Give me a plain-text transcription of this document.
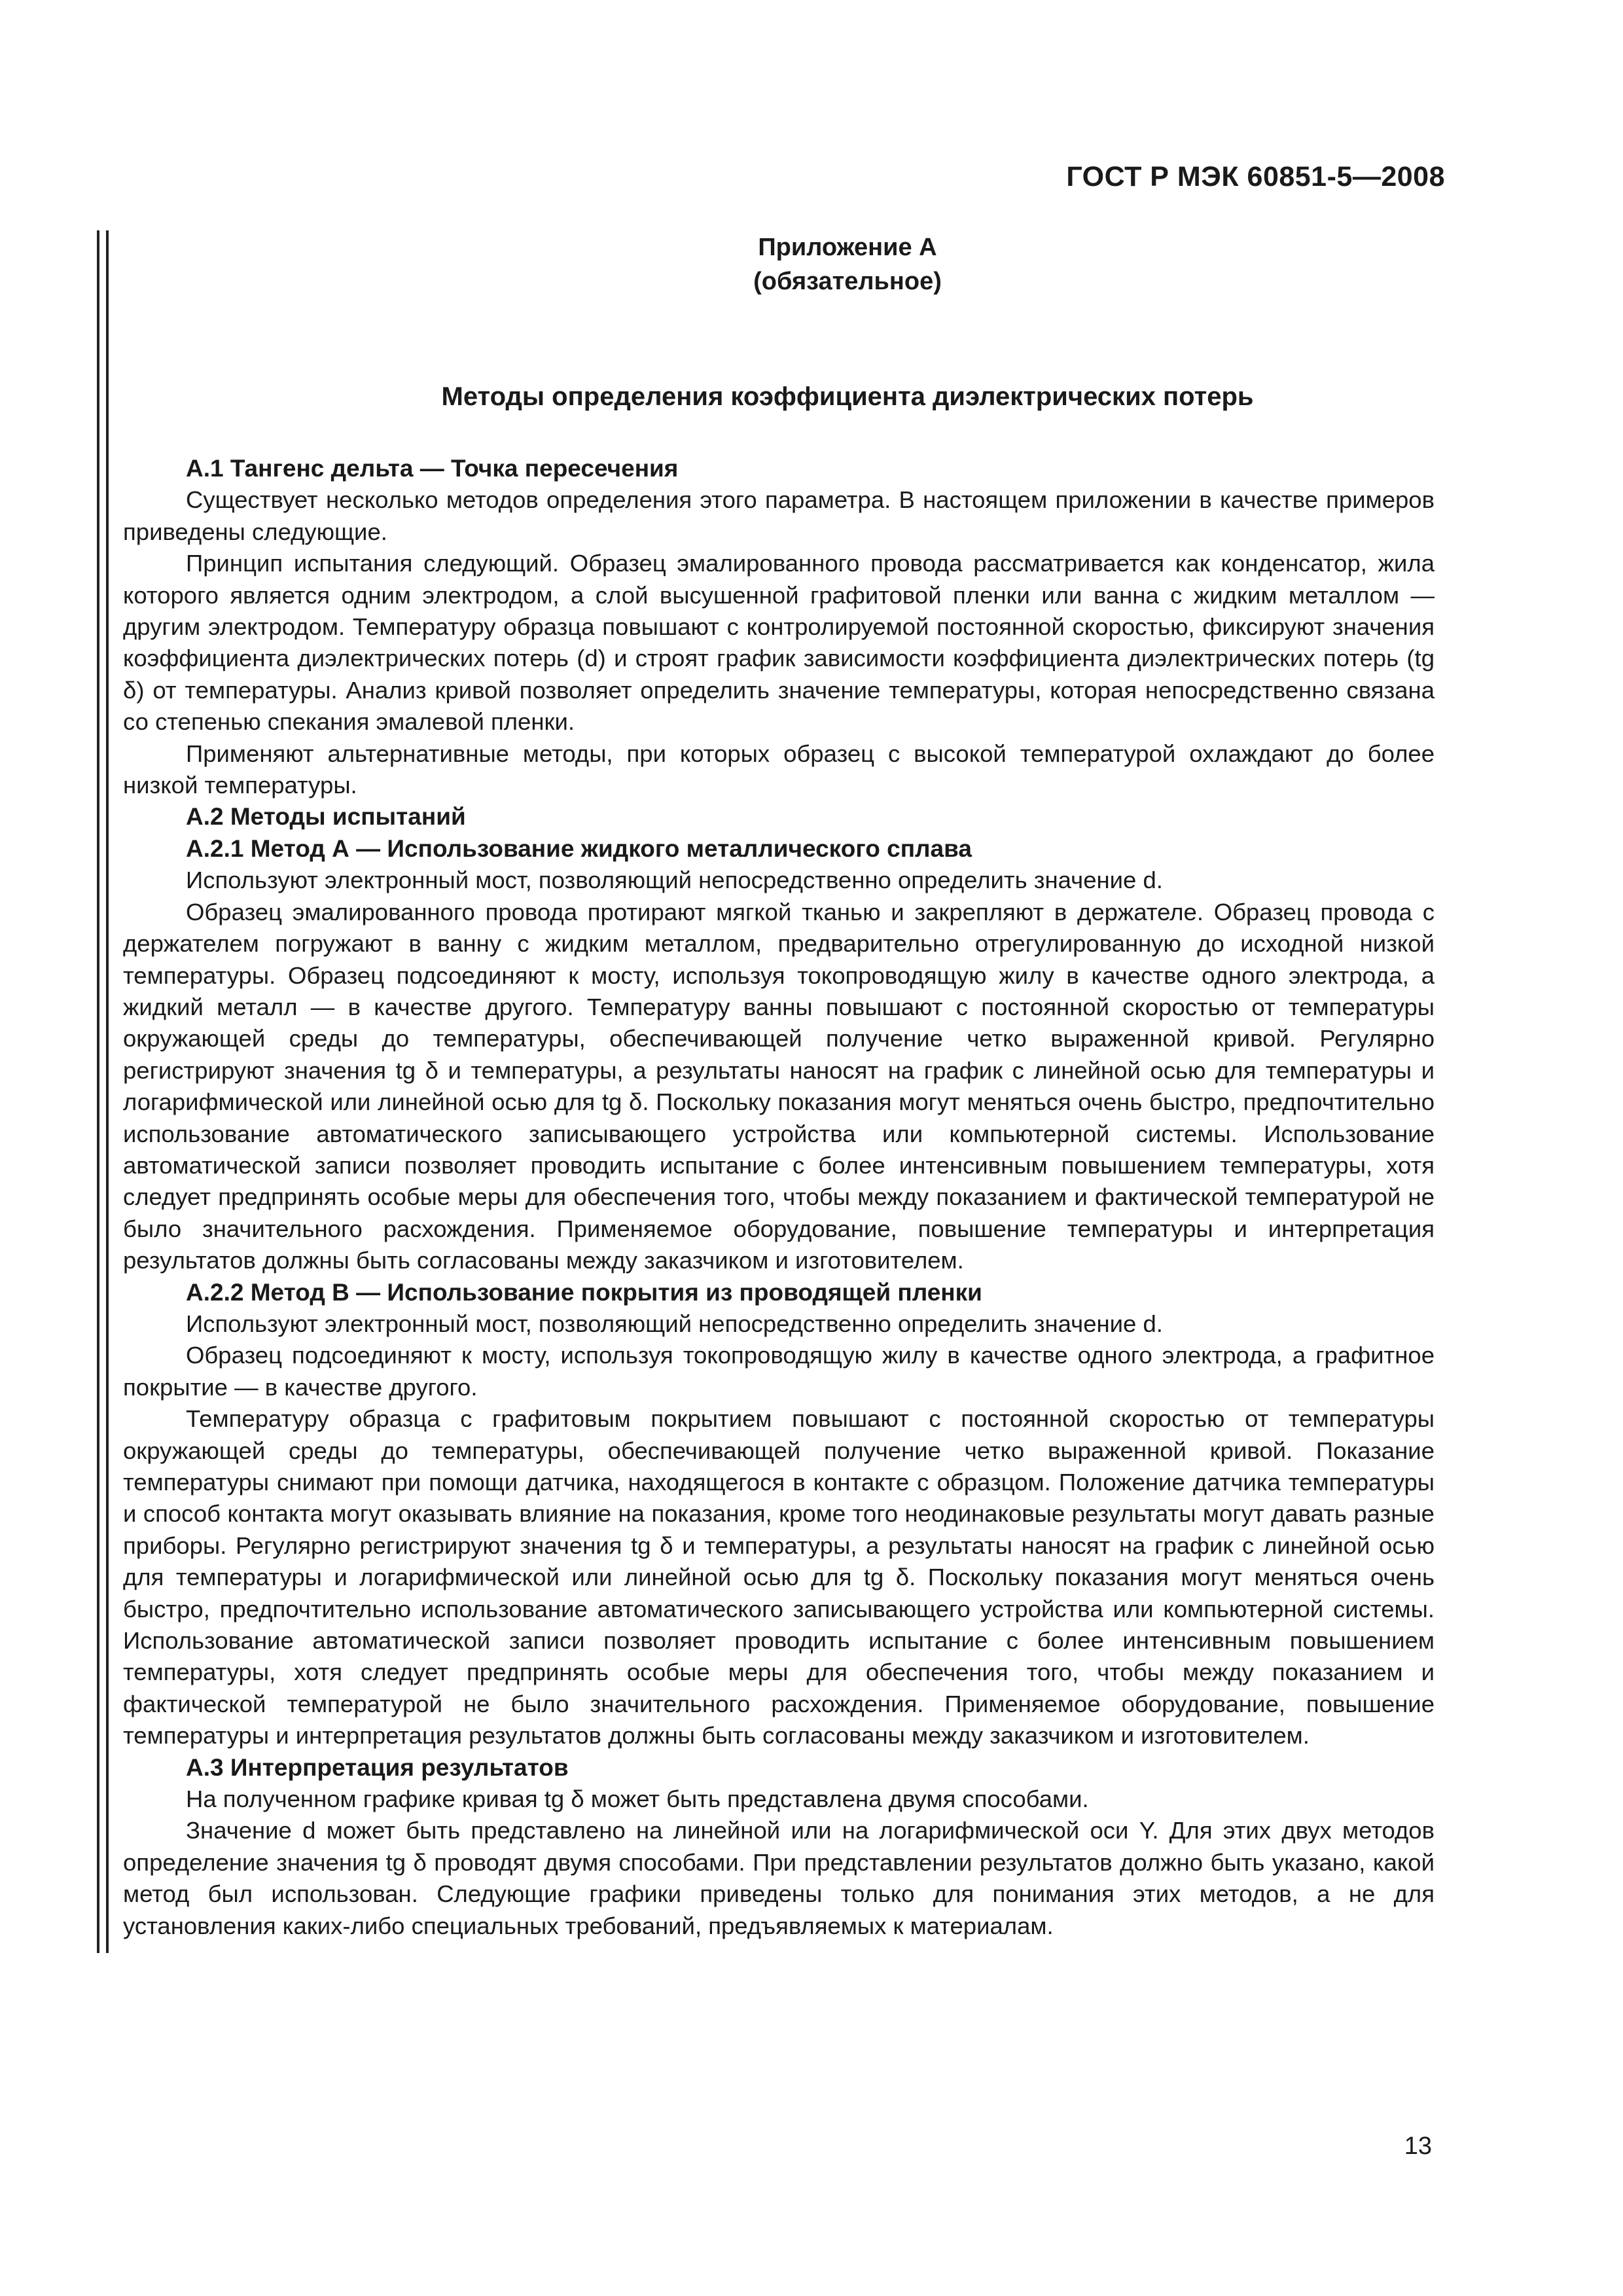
ГОСТ Р МЭК 60851-5—2008
Приложение А
(обязательное)
Методы определения коэффициента диэлектрических потерь
А.1 Тангенс дельта — Точка пересечения

Существует несколько методов определения этого параметра. В настоящем приложении в качестве примеров приведены следующие.

Принцип испытания следующий. Образец эмалированного провода рассматривается как конденсатор, жила которого является одним электродом, а слой высушенной графитовой пленки или ванна с жидким металлом — другим электродом. Температуру образца повышают с контролируемой постоянной скоростью, фиксируют значения коэффициента диэлектрических потерь (d) и строят график зависимости коэффициента диэлектрических потерь (tg δ) от температуры. Анализ кривой позволяет определить значение температуры, которая непосредственно связана со степенью спекания эмалевой пленки.

Применяют альтернативные методы, при которых образец с высокой температурой охлаждают до более низкой температуры.

А.2 Методы испытаний
А.2.1 Метод А — Использование жидкого металлического сплава

Используют электронный мост, позволяющий непосредственно определить значение d.

Образец эмалированного провода протирают мягкой тканью и закрепляют в держателе. Образец провода с держателем погружают в ванну с жидким металлом, предварительно отрегулированную до исходной низкой температуры. Образец подсоединяют к мосту, используя токопроводящую жилу в качестве одного электрода, а жидкий металл — в качестве другого. Температуру ванны повышают с постоянной скоростью от температуры окружающей среды до температуры, обеспечивающей получение четко выраженной кривой. Регулярно регистрируют значения tg δ и температуры, а результаты наносят на график с линейной осью для температуры и логарифмической или линейной осью для tg δ. Поскольку показания могут меняться очень быстро, предпочтительно использование автоматического записывающего устройства или компьютерной системы. Использование автоматической записи позволяет проводить испытание с более интенсивным повышением температуры, хотя следует предпринять особые меры для обеспечения того, чтобы между показанием и фактической температурой не было значительного расхождения. Применяемое оборудование, повышение температуры и интерпретация результатов должны быть согласованы между заказчиком и изготовителем.

А.2.2 Метод В — Использование покрытия из проводящей пленки

Используют электронный мост, позволяющий непосредственно определить значение d.

Образец подсоединяют к мосту, используя токопроводящую жилу в качестве одного электрода, а графитное покрытие — в качестве другого.

Температуру образца с графитовым покрытием повышают с постоянной скоростью от температуры окружающей среды до температуры, обеспечивающей получение четко выраженной кривой. Показание температуры снимают при помощи датчика, находящегося в контакте с образцом. Положение датчика температуры и способ контакта могут оказывать влияние на показания, кроме того неодинаковые результаты могут давать разные приборы. Регулярно регистрируют значения tg δ и температуры, а результаты наносят на график с линейной осью для температуры и логарифмической или линейной осью для tg δ. Поскольку показания могут меняться очень быстро, предпочтительно использование автоматического записывающего устройства или компьютерной системы. Использование автоматической записи позволяет проводить испытание с более интенсивным повышением температуры, хотя следует предпринять особые меры для обеспечения того, чтобы между показанием и фактической температурой не было значительного расхождения. Применяемое оборудование, повышение температуры и интерпретация результатов должны быть согласованы между заказчиком и изготовителем.

А.3 Интерпретация результатов

На полученном графике кривая tg δ может быть представлена двумя способами.

Значение d может быть представлено на линейной или на логарифмической оси Y. Для этих двух методов определение значения tg δ проводят двумя способами. При представлении результатов должно быть указано, какой метод был использован. Следующие графики приведены только для понимания этих методов, а не для установления каких-либо специальных требований, предъявляемых к материалам.

13
